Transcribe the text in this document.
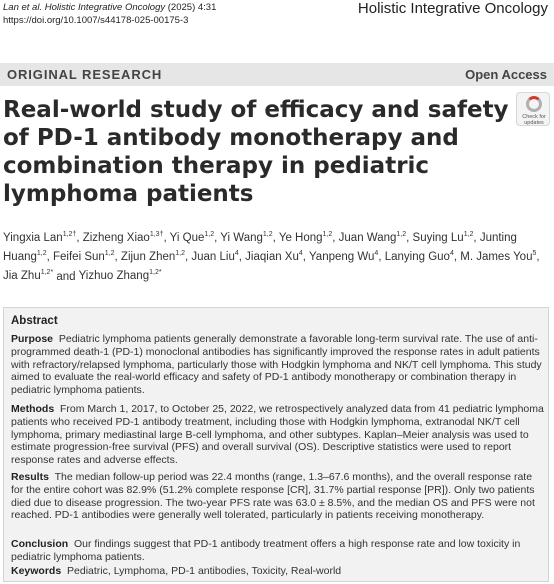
Lan et al. Holistic Integrative Oncology (2025) 4:31
https://doi.org/10.1007/s44178-025-00175-3
Holistic Integrative Oncology
ORIGINAL RESEARCH	Open Access
Real-world study of efficacy and safety of PD-1 antibody monotherapy and combination therapy in pediatric lymphoma patients
Check for updates
Yingxia Lan$^{1,2\dagger}$, Zizheng Xiao$^{1,3\dagger}$, Yi Que$^{1,2}$, Yi Wang$^{1,2}$, Ye Hong$^{1,2}$, Juan Wang$^{1,2}$, Suying Lu$^{1,2}$, Junting Huang$^{1,2}$, Feifei Sun$^{1,2}$, Zijun Zhen$^{1,2}$, Juan Liu$^4$, Jiaqian Xu$^4$, Yanpeng Wu$^4$, Lanying Guo$^4$, M. James You$^5$, Jia Zhu$^{1,2*}$ and Yizhuo Zhang$^{1,2*}$
Abstract

Purpose Pediatric lymphoma patients generally demonstrate a favorable long-term survival rate. The use of anti-programmed death-1 (PD-1) monoclonal antibodies has significantly improved the response rates in adult patients with refractory/relapsed lymphoma, particularly those with Hodgkin lymphoma and NK/T cell lymphoma. This study aimed to evaluate the real-world efficacy and safety of PD-1 antibody monotherapy or combination therapy in pediatric lymphoma patients.

Methods From March 1, 2017, to October 25, 2022, we retrospectively analyzed data from 41 pediatric lymphoma patients who received PD-1 antibody treatment, including those with Hodgkin lymphoma, extranodal NK/T cell lymphoma, primary mediastinal large B-cell lymphoma, and other subtypes. Kaplan–Meier analysis was used to estimate progression-free survival (PFS) and overall survival (OS). Descriptive statistics were used to report response rates and adverse effects.

Results The median follow-up period was 22.4 months (range, 1.3–67.6 months), and the overall response rate for the entire cohort was 82.9% (51.2% complete response [CR], 31.7% partial response [PR]). Only two patients died due to disease progression. The two-year PFS rate was 63.0 ± 8.5%, and the median OS and PFS were not reached. PD-1 antibodies were generally well tolerated, particularly in patients receiving monotherapy.

Conclusion Our findings suggest that PD-1 antibody treatment offers a high response rate and low toxicity in pediatric lymphoma patients.

Keywords Pediatric, Lymphoma, PD-1 antibodies, Toxicity, Real-world
